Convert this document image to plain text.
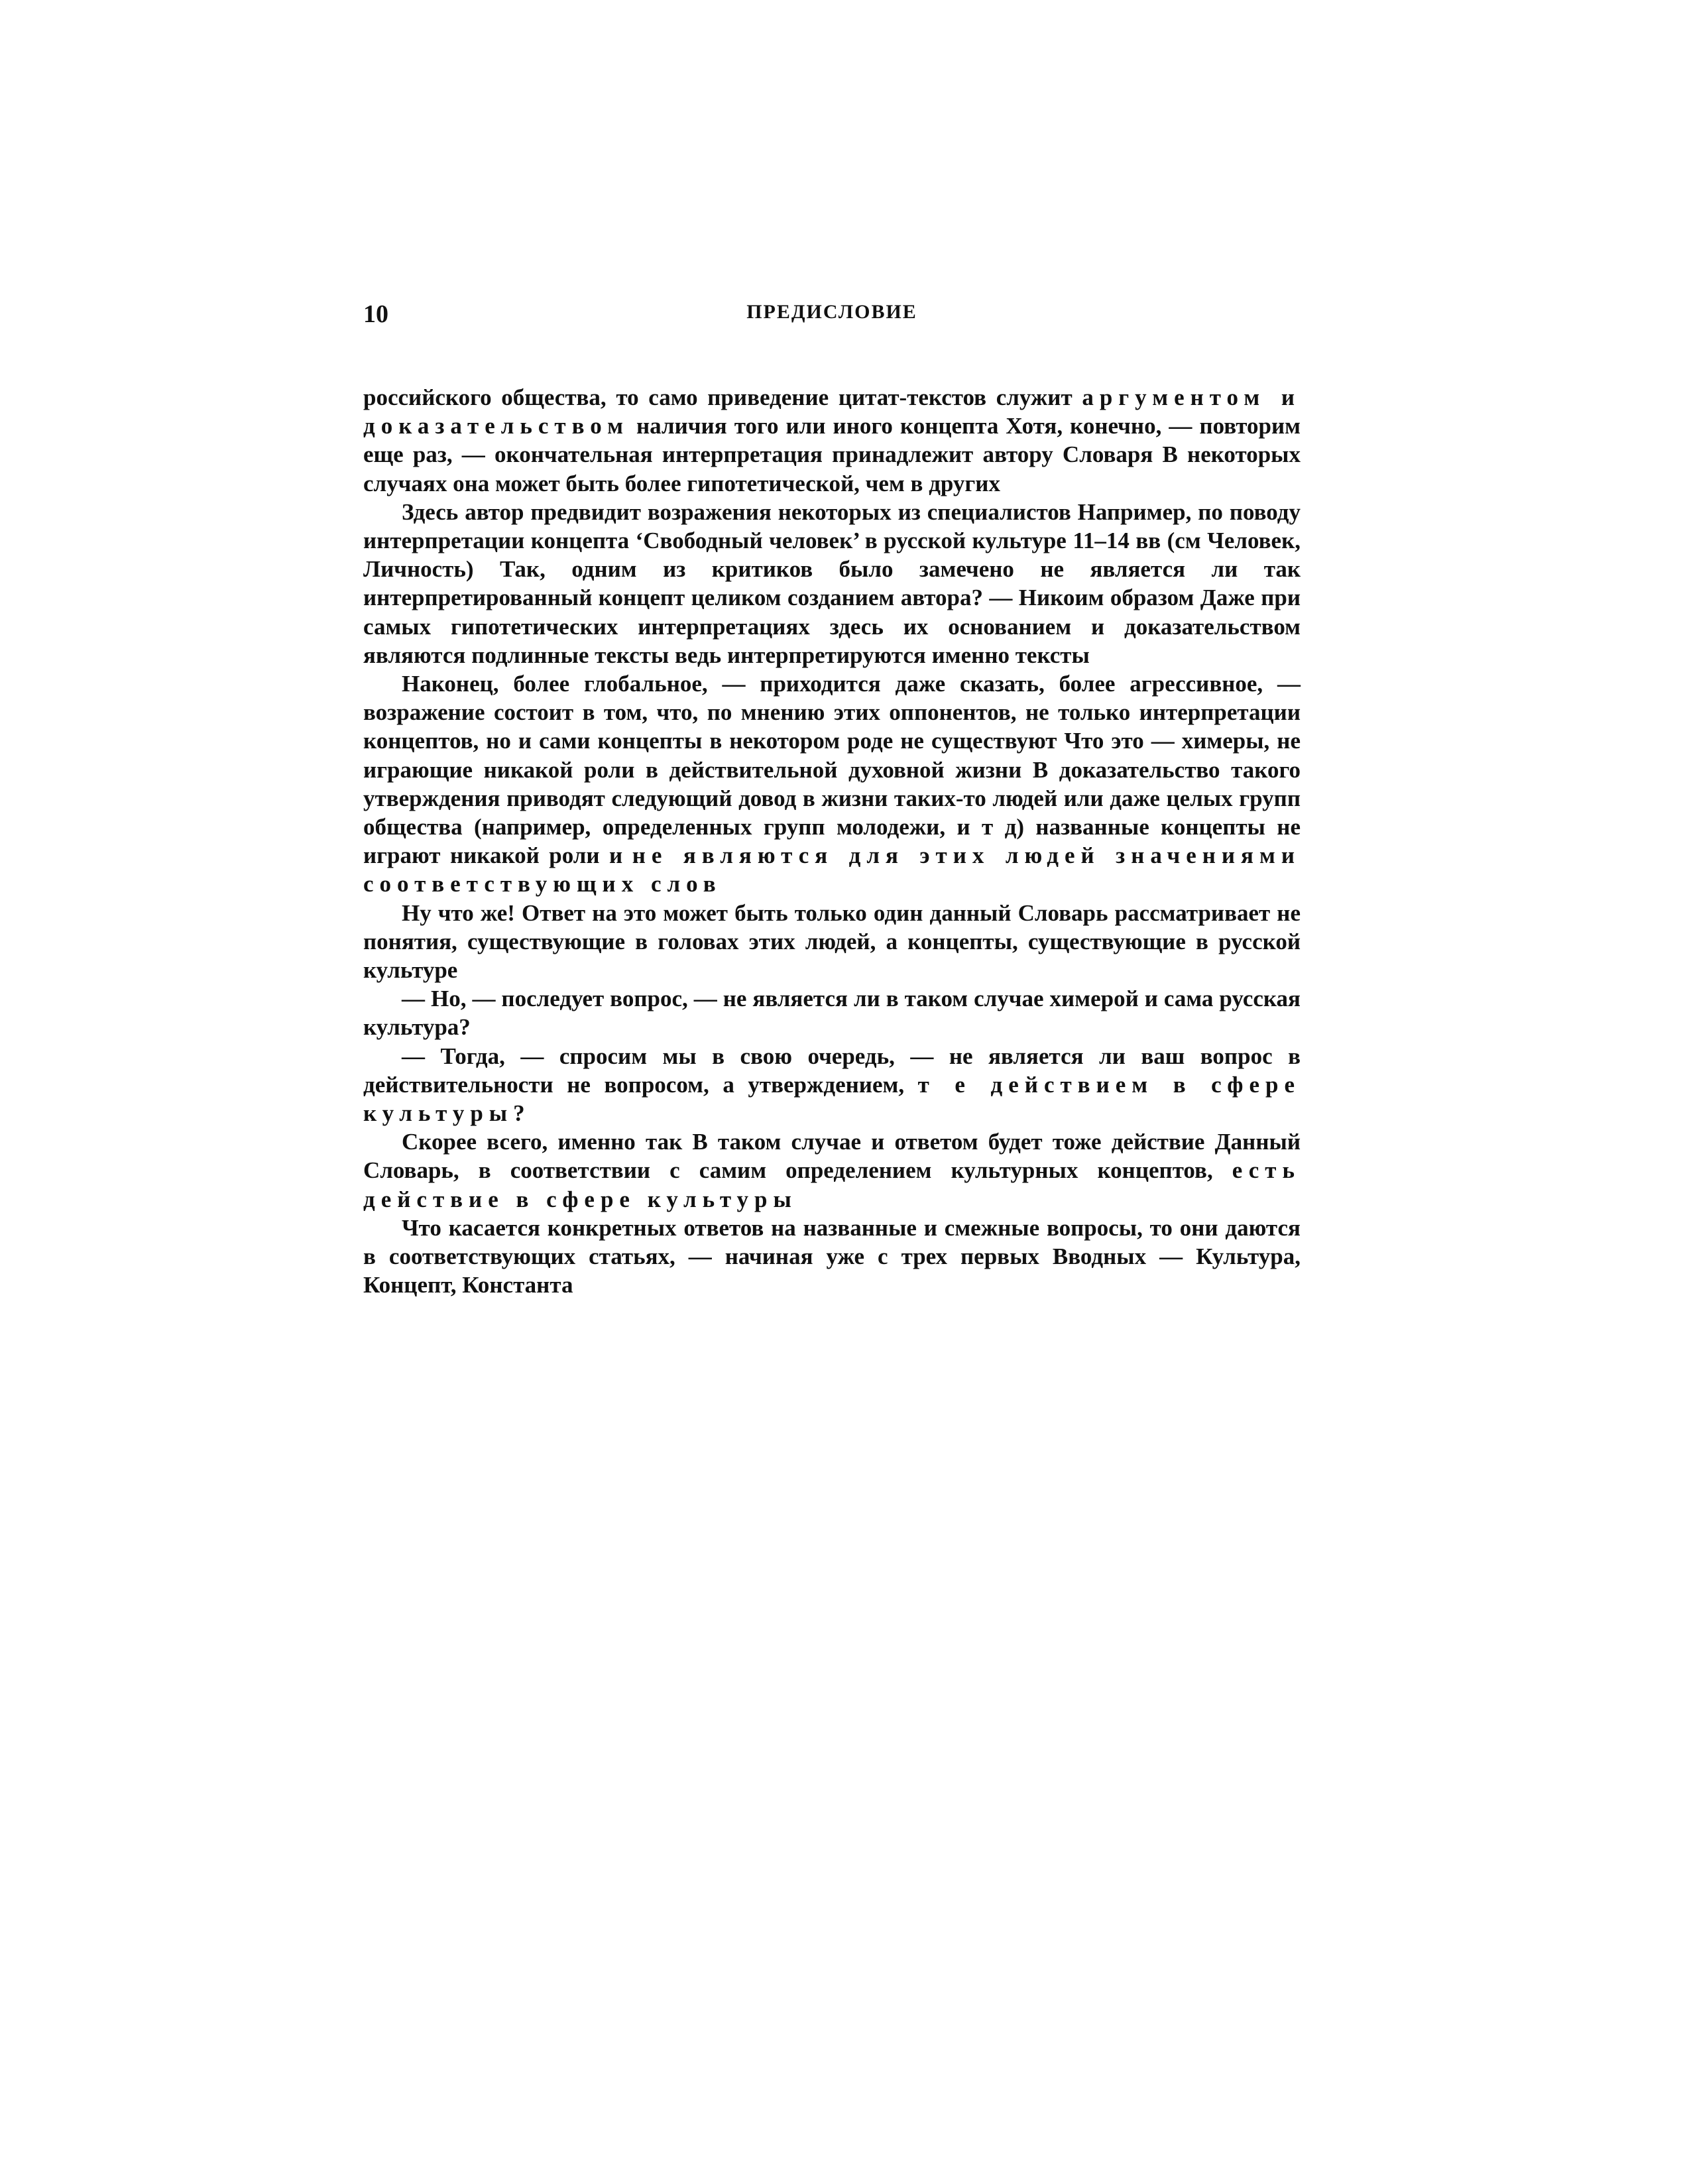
10	ПРЕДИСЛОВИЕ

российского общества, то само приведение цитат-текстов служит аргументом и доказательством наличия того или иного концепта Хотя, конечно, — повторим еще раз, — окончательная интерпретация принадлежит автору Словаря В некоторых случаях она может быть более гипотетической, чем в других

Здесь автор предвидит возражения некоторых из специалистов Например, по поводу интерпретации концепта ‘Свободный человек’ в русской культуре 11–14 вв (см Человек, Личность) Так, одним из критиков было замечено не является ли так интерпретированный концепт целиком созданием автора? — Никоим образом Даже при самых гипотетических интерпретациях здесь их основанием и доказательством являются подлинные тексты ведь интерпретируются именно тексты

Наконец, более глобальное, — приходится даже сказать, более агрессивное, — возражение состоит в том, что, по мнению этих оппонентов, не только интерпретации концептов, но и сами концепты в некотором роде не существуют Что это — химеры, не играющие никакой роли в действительной духовной жизни В доказательство такого утверждения приводят следующий довод в жизни таких-то людей или даже целых групп общества (например, определенных групп молодежи, и т д) названные концепты не играют никакой роли и не являются для этих людей значениями соответствующих слов

Ну что же! Ответ на это может быть только один данный Словарь рассматривает не понятия, существующие в головах этих людей, а концепты, существующие в русской культуре

— Но, — последует вопрос, — не является ли в таком случае химерой и сама русская культура?

— Тогда, — спросим мы в свою очередь, — не является ли ваш вопрос в действительности не вопросом, а утверждением, т е действием в сфере культуры?

Скорее всего, именно так В таком случае и ответом будет тоже действие Данный Словарь, в соответствии с самим определением культурных концептов, есть действие в сфере культуры

Что касается конкретных ответов на названные и смежные вопросы, то они даются в соответствующих статьях, — начиная уже с трех первых Вводных — Культура, Концепт, Константа
